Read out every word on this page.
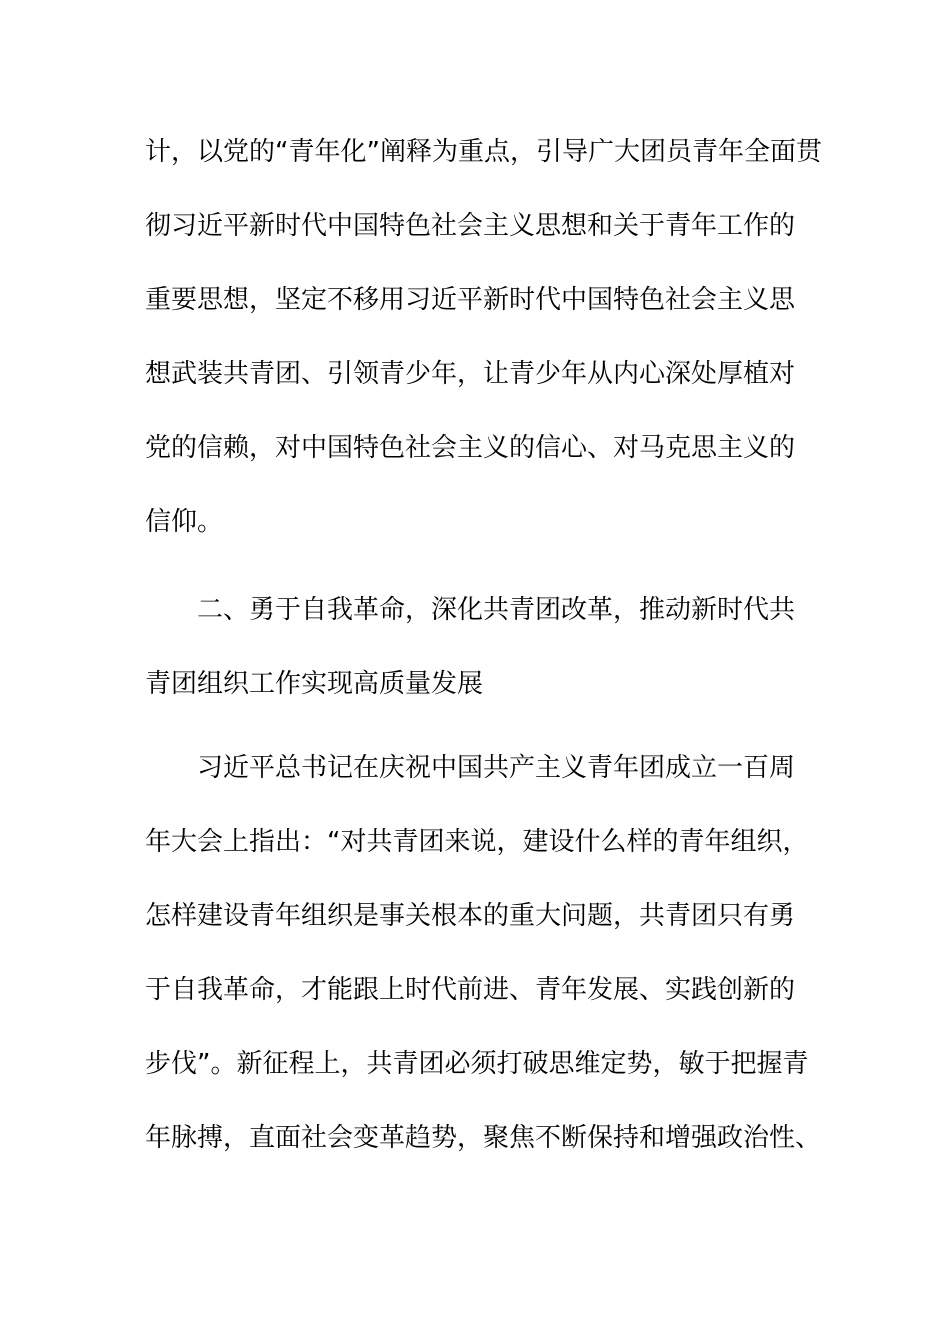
计，以党的“青年化”阐释为重点，引导广大团员青年全面贯
彻习近平新时代中国特色社会主义思想和关于青年工作的
重要思想，坚定不移用习近平新时代中国特色社会主义思
想武装共青团、引领青少年，让青少年从内心深处厚植对
党的信赖，对中国特色社会主义的信心、对马克思主义的
信仰。
二、勇于自我革命，深化共青团改革，推动新时代共
青团组织工作实现高质量发展
习近平总书记在庆祝中国共产主义青年团成立一百周
年大会上指出：“对共青团来说，建设什么样的青年组织，
怎样建设青年组织是事关根本的重大问题，共青团只有勇
于自我革命，才能跟上时代前进、青年发展、实践创新的
步伐”。新征程上，共青团必须打破思维定势，敏于把握青
年脉搏，直面社会变革趋势，聚焦不断保持和增强政治性、
